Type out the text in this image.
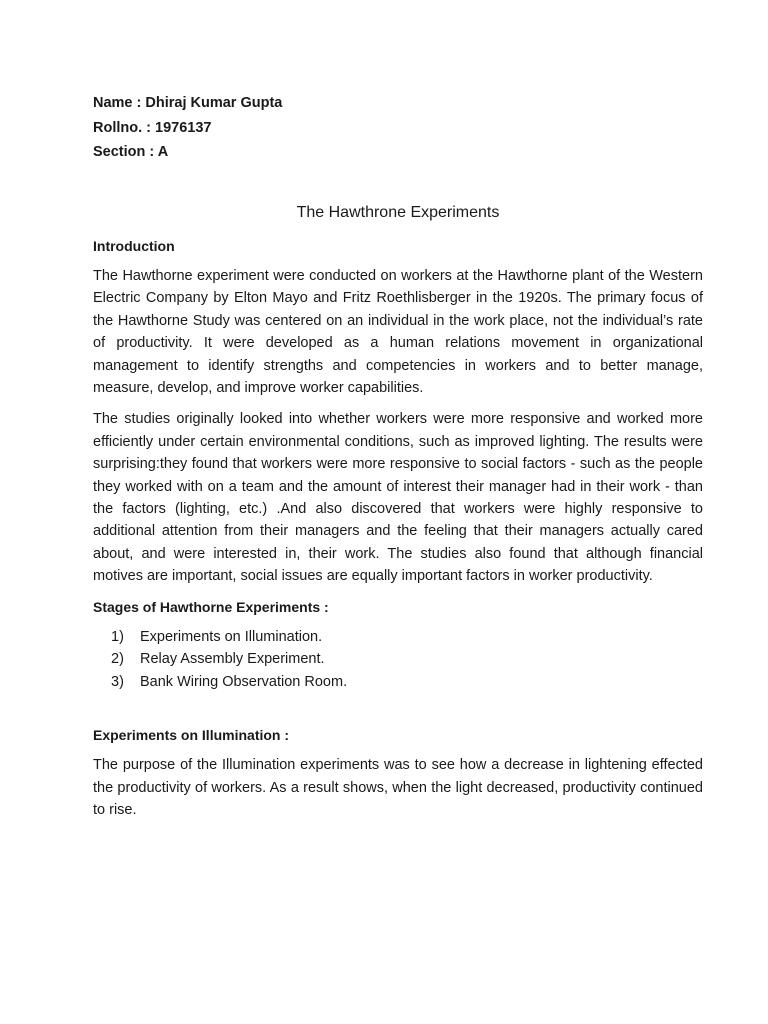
Name : Dhiraj Kumar Gupta
Rollno. : 1976137
Section : A
The Hawthrone Experiments

Introduction

The Hawthorne experiment were conducted on workers at the Hawthorne plant of the Western Electric Company by Elton Mayo and Fritz Roethlisberger in the 1920s. The primary focus of the Hawthorne Study was centered on an individual in the work place, not the individual’s rate of productivity. It were developed as a human relations movement in organizational management to identify strengths and competencies in workers and to better manage, measure, develop, and improve worker capabilities.

The studies originally looked into whether workers were more responsive and worked more efficiently under certain environmental conditions, such as improved lighting. The results were surprising:they found that workers were more responsive to social factors - such as the people they worked with on a team and the amount of interest their manager had in their work - than the factors (lighting, etc.) .And also discovered that workers were highly responsive to additional attention from their managers and the feeling that their managers actually cared about, and were interested in, their work. The studies also found that although financial motives are important, social issues are equally important factors in worker productivity.

Stages of Hawthorne Experiments :

1) Experiments on Illumination.
2) Relay Assembly Experiment.
3) Bank Wiring Observation Room.

Experiments on Illumination :

The purpose of the Illumination experiments was to see how a decrease in lightening effected the productivity of workers. As a result shows, when the light decreased, productivity continued to rise.
